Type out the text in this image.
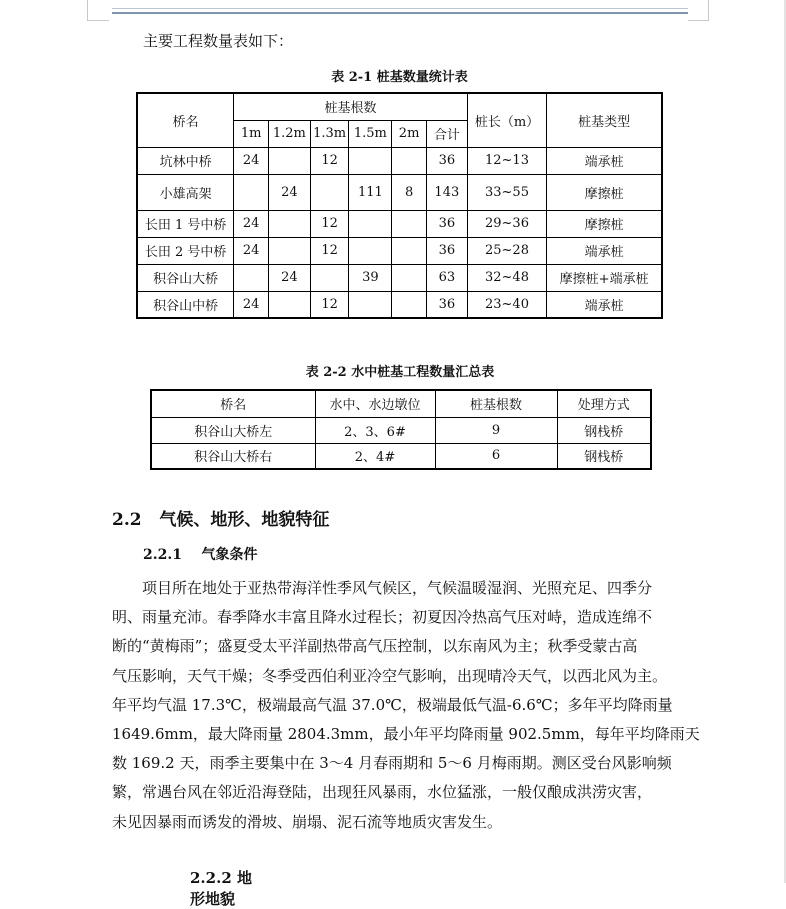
主要工程数量表如下：
表 2-1 桩基数量统计表
桥名	桩基根数						桩长（m）	桩基类型
	1m	1.2m	1.3m	1.5m	2m	合计		
坑林中桥	24		12			36	12~13	端承桩
小雄高架		24		111	8	143	33~55	摩擦桩
长田 1 号中桥	24		12			36	29~36	摩擦桩
长田 2 号中桥	24		12			36	25~28	端承桩
积谷山大桥		24		39		63	32~48	摩擦桩+端承桩
积谷山中桥	24		12			36	23~40	端承桩
表 2-2 水中桩基工程数量汇总表
桥名	水中、水边墩位	桩基根数	处理方式
积谷山大桥左	2、3、6#	9	钢栈桥
积谷山大桥右	2、4#	6	钢栈桥
2.2   气候、地形、地貌特征
2.2.1    气象条件

　　项目所在地处于亚热带海洋性季风气候区，气候温暖湿润、光照充足、四季分

明、雨量充沛。春季降水丰富且降水过程长；初夏因冷热高气压对峙，造成连绵不

断的“黄梅雨”；盛夏受太平洋副热带高气压控制，以东南风为主；秋季受蒙古高

气压影响，天气干燥；冬季受西伯利亚冷空气影响，出现晴冷天气，以西北风为主。

年平均气温 17.3℃，极端最高气温 37.0℃，极端最低气温-6.6℃；多年平均降雨量

1649.6mm，最大降雨量 2804.3mm，最小年平均降雨量 902.5mm，每年平均降雨天

数 169.2 天，雨季主要集中在 3～4 月春雨期和 5～6 月梅雨期。测区受台风影响频

繁，常遇台风在邻近沿海登陆，出现狂风暴雨，水位猛涨，一般仅酿成洪涝灾害，

未见因暴雨而诱发的滑坡、崩塌、泥石流等地质灾害发生。

2.2.2 地形地貌
